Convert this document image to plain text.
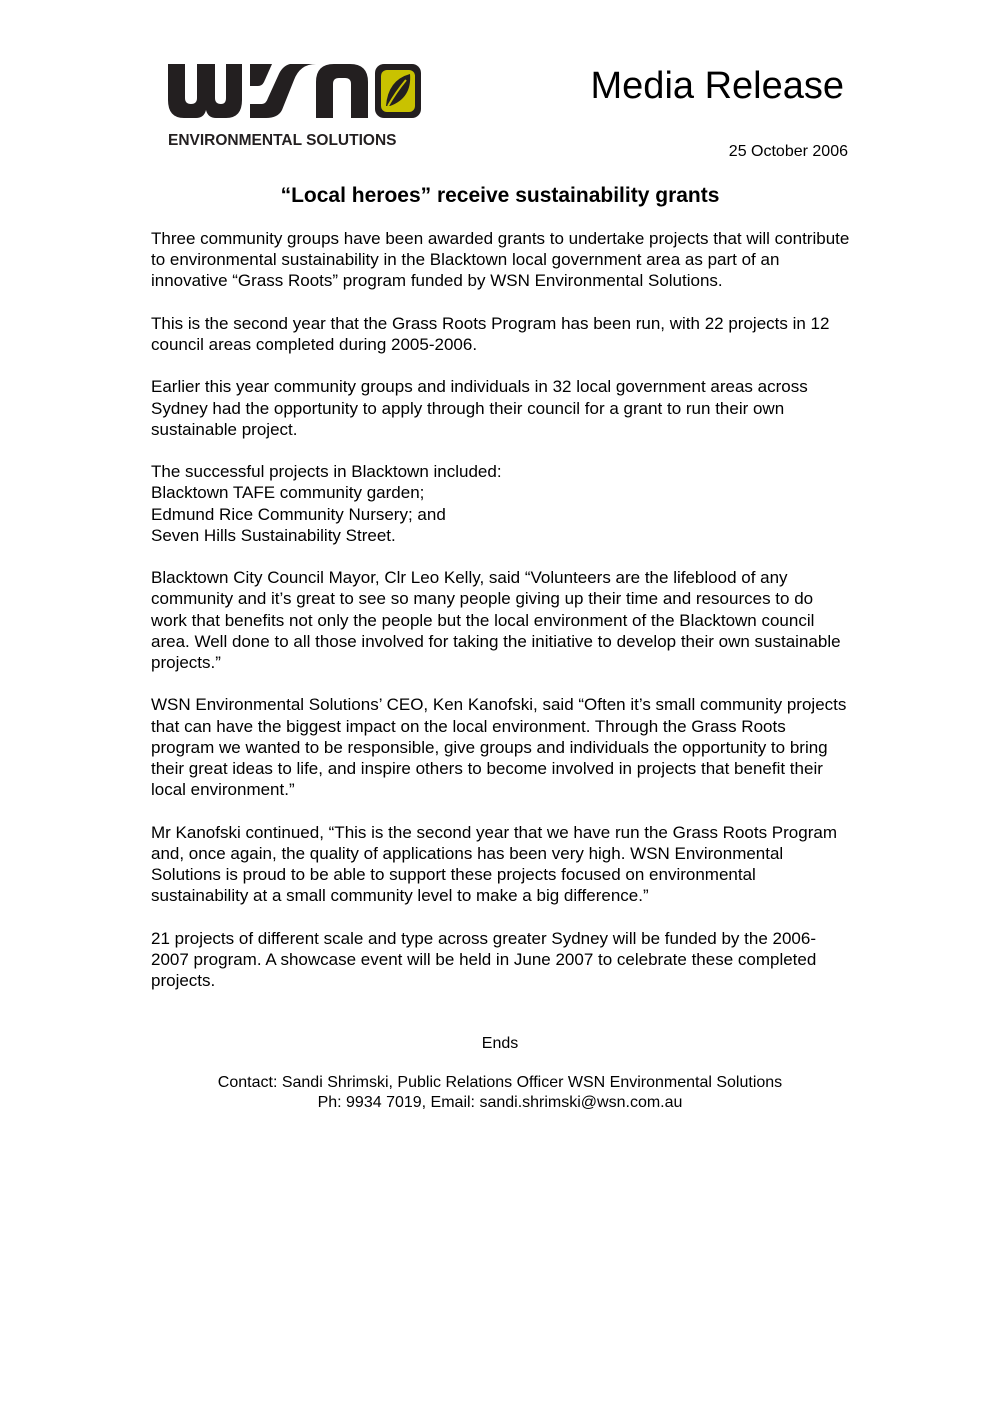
ENVIRONMENTAL SOLUTIONS
Media Release
25 October 2006
“Local heroes” receive sustainability grants

Three community groups have been awarded grants to undertake projects that will contribute to environmental sustainability in the Blacktown local government area as part of an innovative “Grass Roots” program funded by WSN Environmental Solutions.

This is the second year that the Grass Roots Program has been run, with 22 projects in 12 council areas completed during 2005-2006.

Earlier this year community groups and individuals in 32 local government areas across Sydney had the opportunity to apply through their council for a grant to run their own sustainable project.

The successful projects in Blacktown included:
Blacktown TAFE community garden;
Edmund Rice Community Nursery; and
Seven Hills Sustainability Street.

Blacktown City Council Mayor, Clr Leo Kelly, said “Volunteers are the lifeblood of any community and it’s great to see so many people giving up their time and resources to do work that benefits not only the people but the local environment of the Blacktown council area. Well done to all those involved for taking the initiative to develop their own sustainable projects.”

WSN Environmental Solutions’ CEO, Ken Kanofski, said “Often it’s small community projects that can have the biggest impact on the local environment. Through the Grass Roots program we wanted to be responsible, give groups and individuals the opportunity to bring their great ideas to life, and inspire others to become involved in projects that benefit their local environment.”

Mr Kanofski continued, “This is the second year that we have run the Grass Roots Program and, once again, the quality of applications has been very high. WSN Environmental Solutions is proud to be able to support these projects focused on environmental sustainability at a small community level to make a big difference.”

21 projects of different scale and type across greater Sydney will be funded by the 2006-2007 program. A showcase event will be held in June 2007 to celebrate these completed projects.

Ends
Contact: Sandi Shrimski, Public Relations Officer WSN Environmental Solutions
Ph: 9934 7019, Email: sandi.shrimski@wsn.com.au
